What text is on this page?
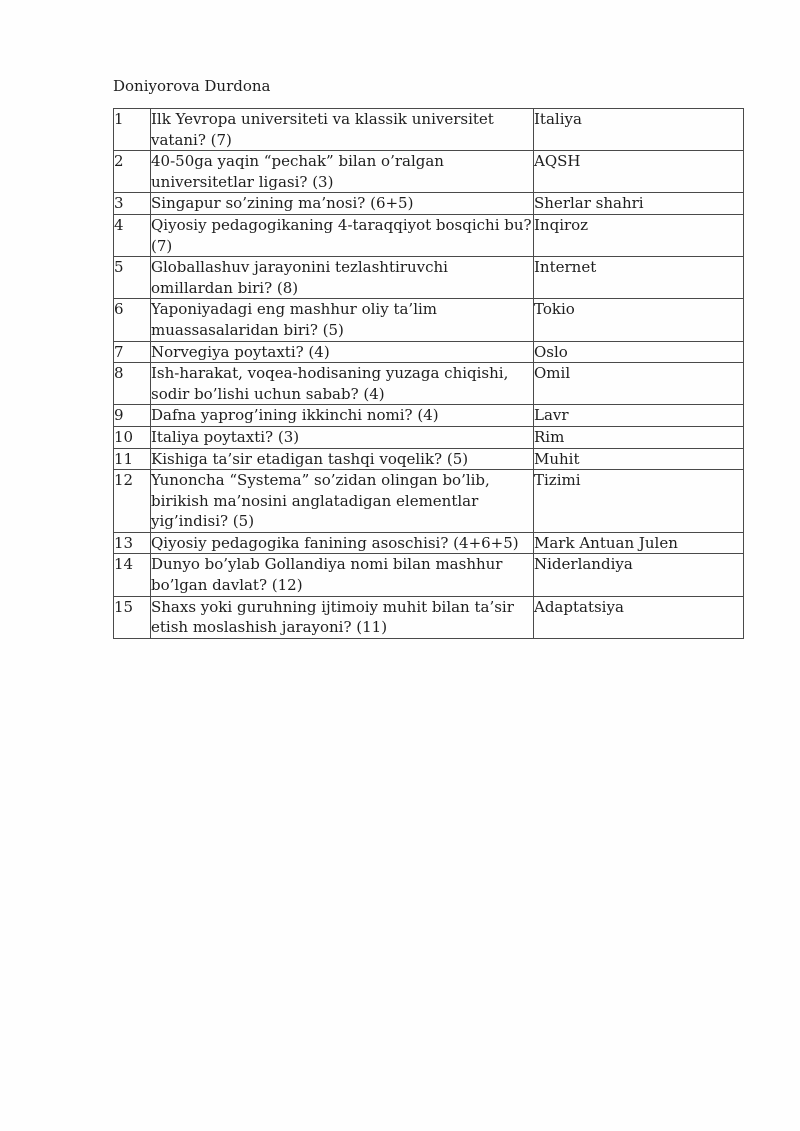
Doniyorova Durdona
1	Ilk Yevropa universiteti va klassik universitet vatani? (7)	Italiya
2	40-50ga yaqin “pechak” bilan o’ralgan universitetlar ligasi? (3)	AQSH
3	Singapur so’zining ma’nosi? (6+5)	Sherlar shahri
4	Qiyosiy pedagogikaning 4-taraqqiyot bosqichi bu? (7)	Inqiroz
5	Globallashuv jarayonini tezlashtiruvchi omillardan biri? (8)	Internet
6	Yaponiyadagi eng mashhur oliy ta’lim muassasalaridan biri? (5)	Tokio
7	Norvegiya poytaxti? (4)	Oslo
8	Ish-harakat, voqea-hodisaning yuzaga chiqishi, sodir bo’lishi uchun sabab? (4)	Omil
9	Dafna yaprog’ining ikkinchi nomi? (4)	Lavr
10	Italiya poytaxti? (3)	Rim
11	Kishiga ta’sir etadigan tashqi voqelik? (5)	Muhit
12	Yunoncha “Systema” so’zidan olingan bo’lib, birikish ma’nosini anglatadigan elementlar yig’indisi? (5)	Tizimi
13	Qiyosiy pedagogika fanining asoschisi? (4+6+5)	Mark Antuan Julen
14	Dunyo bo’ylab Gollandiya nomi bilan mashhur bo’lgan davlat? (12)	Niderlandiya
15	Shaxs yoki guruhning ijtimoiy muhit bilan ta’sir etish moslashish jarayoni? (11)	Adaptatsiya
